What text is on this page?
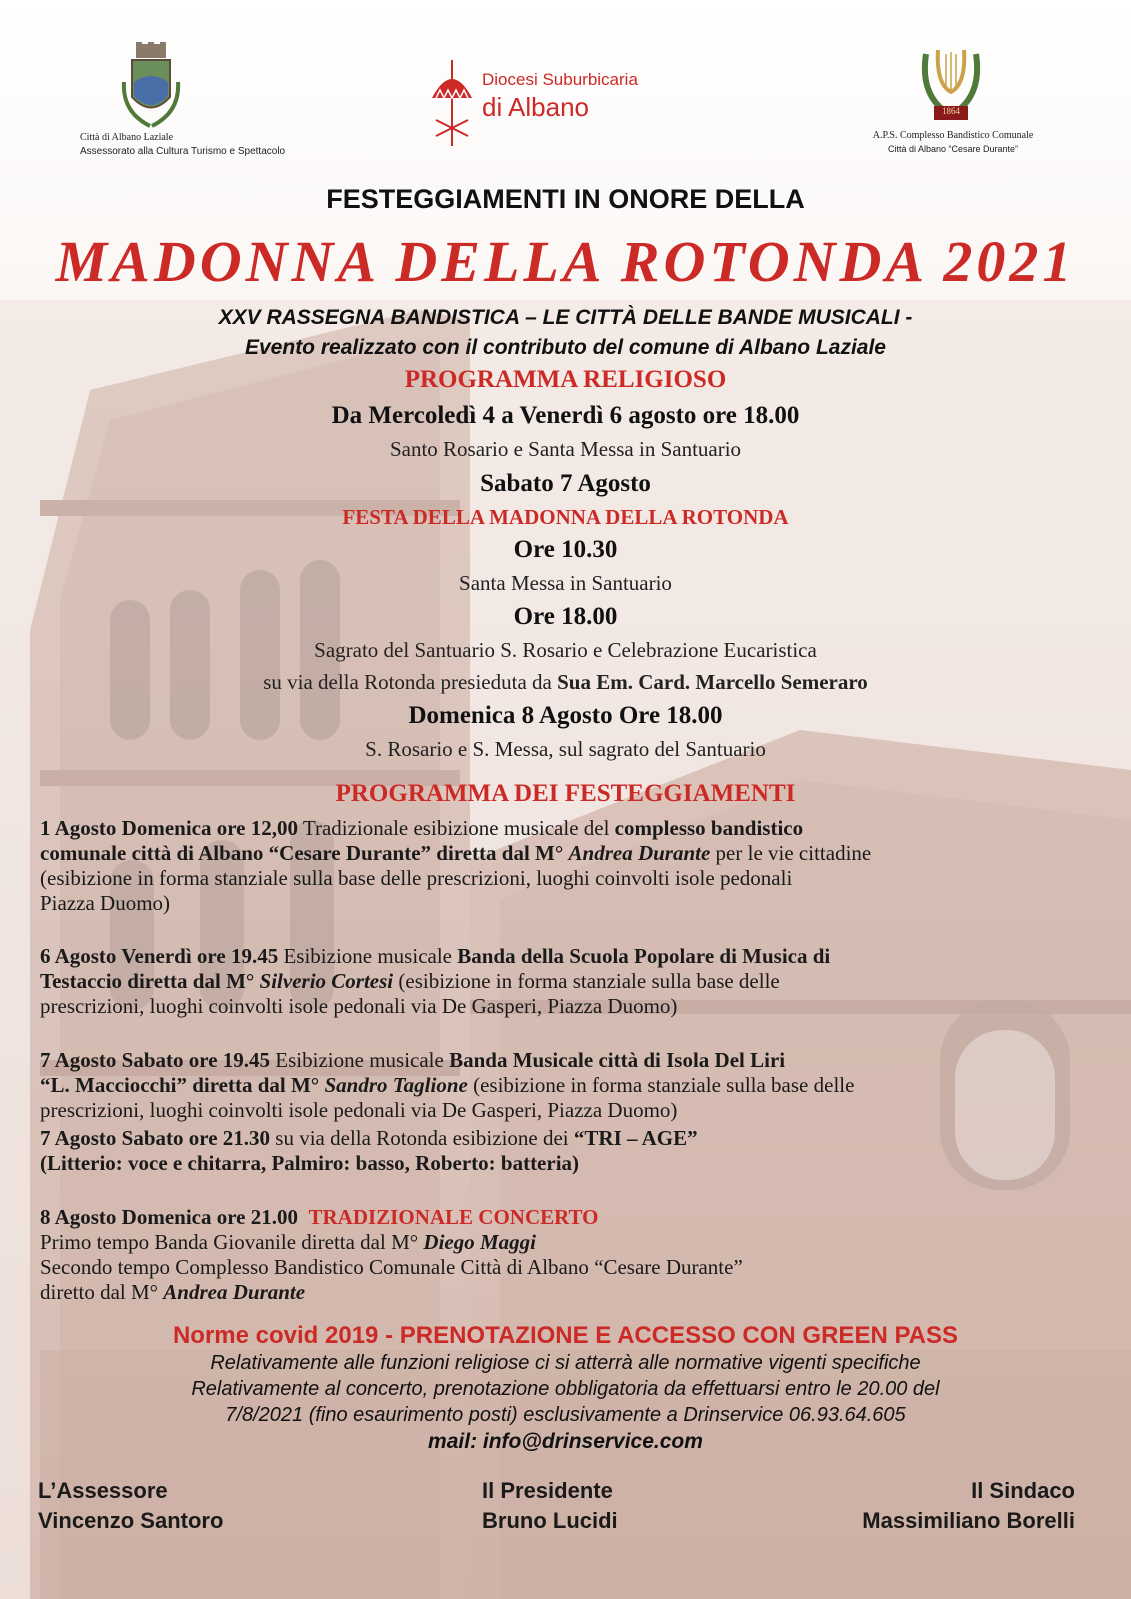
Città di Albano Laziale
Assessorato alla Cultura Turismo e Spettacolo
Diocesi Suburbicaria
di Albano	1864
A.P.S. Complesso Bandistico Comunale
Città di Albano “Cesare Durante”
FESTEGGIAMENTI IN ONORE DELLA
MADONNA DELLA ROTONDA 2021
XXV RASSEGNA BANDISTICA – LE CITTÀ DELLE BANDE MUSICALI -
Evento realizzato con il contributo del comune di Albano Laziale
PROGRAMMA RELIGIOSO
Da Mercoledì 4 a Venerdì 6 agosto ore 18.00
Santo Rosario e Santa Messa in Santuario
Sabato 7 Agosto
FESTA DELLA MADONNA DELLA ROTONDA
Ore 10.30
Santa Messa in Santuario
Ore 18.00
Sagrato del Santuario S. Rosario e Celebrazione Eucaristica
su via della Rotonda presieduta da Sua Em. Card. Marcello Semeraro
Domenica 8 Agosto Ore 18.00
S. Rosario e S. Messa, sul sagrato del Santuario
PROGRAMMA DEI FESTEGGIAMENTI
1 Agosto Domenica ore 12,00 Tradizionale esibizione musicale del complesso bandistico
comunale città di Albano “Cesare Durante” diretta dal M° Andrea Durante per le vie cittadine
(esibizione in forma stanziale sulla base delle prescrizioni, luoghi coinvolti isole pedonali
Piazza Duomo)
6 Agosto Venerdì ore 19.45 Esibizione musicale Banda della Scuola Popolare di Musica di
Testaccio diretta dal M° Silverio Cortesi (esibizione in forma stanziale sulla base delle
prescrizioni, luoghi coinvolti isole pedonali via De Gasperi, Piazza Duomo)
7 Agosto Sabato ore 19.45 Esibizione musicale Banda Musicale città di Isola Del Liri
“L. Macciocchi” diretta dal M° Sandro Taglione (esibizione in forma stanziale sulla base delle
prescrizioni, luoghi coinvolti isole pedonali via De Gasperi, Piazza Duomo)
7 Agosto Sabato ore 21.30 su via della Rotonda esibizione dei “TRI – AGE”
(Litterio: voce e chitarra, Palmiro: basso, Roberto: batteria)
8 Agosto Domenica ore 21.00 TRADIZIONALE CONCERTO
Primo tempo Banda Giovanile diretta dal M° Diego Maggi
Secondo tempo Complesso Bandistico Comunale Città di Albano “Cesare Durante”
diretto dal M° Andrea Durante
Norme covid 2019 - PRENOTAZIONE E ACCESSO CON GREEN PASS
Relativamente alle funzioni religiose ci si atterrà alle normative vigenti specifiche
Relativamente al concerto, prenotazione obbligatoria da effettuarsi entro le 20.00 del
7/8/2021 (fino esaurimento posti) esclusivamente a Drinservice 06.93.64.605
mail: info@drinservice.com
L’Assessore
Vincenzo Santoro
Il Presidente
Bruno Lucidi
Il Sindaco
Massimiliano Borelli
